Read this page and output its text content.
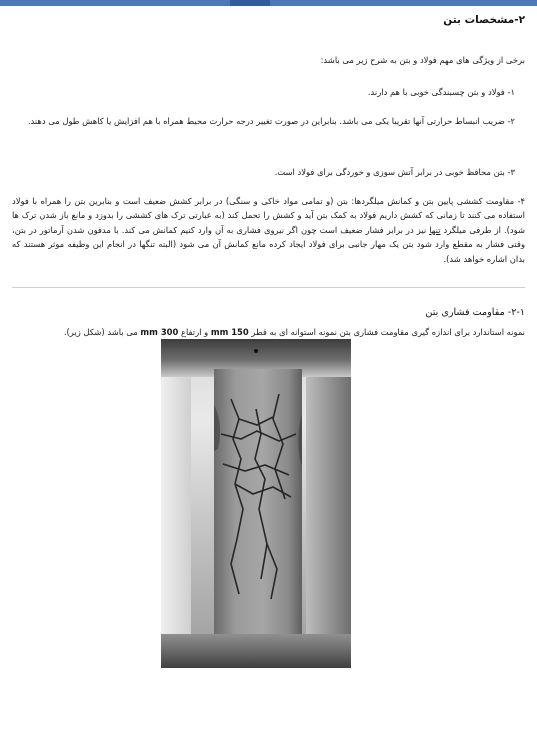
۲-مشخصات بتن
برخی از ویژگی های مهم فولاد و بتن به شرح زیر می باشد:
۱- فولاد و بتن چسبندگی خوبی با هم دارند.
۲- ضریب انبساط حرارتی آنها تقریبا یکی می باشد. بنابراین در صورت تغییر درجه حرارت محیط همراه با هم افزایش یا کاهش طول می دهند.
۳- بتن محافظ خوبی در برابر آتش سوزی و خوردگی برای فولاد است.
۴- مقاومت کششی پایین بتن و کمانش میلگردها: بتن (و تمامی مواد خاکی و سنگی) در برابر کشش ضعیف است و بنابرین بتن را همراه با فولاد استفاده می کنند تا زمانی که کشش داریم فولاد به کمک بتن آید و کشش را تحمل کند (به عبارتی ترک های کششی را بدوزد و مانع باز شدن ترک ها شود). از طرفی میلگرد تنها نیز در برابر فشار ضعیف است چون اگر نیروی فشاری به آن وارد کنیم کمانش می کند. با مدفون شدن آرماتور در بتن، وقتی فشار به مقطع وارد شود بتن یک مهار جانبی برای فولاد ایجاد کرده مانع کمانش آن می شود (البته تنگها در انجام این وظیفه موثر هستند که بدان اشاره خواهد شد).
۲-۱- مقاومت فشاری بتن
نمونه استاندارد برای اندازه گیری مقاومت فشاری بتن نمونه استوانه ای به قطر 150 mm و ارتفاع 300 mm می باشد (شکل زیر).
